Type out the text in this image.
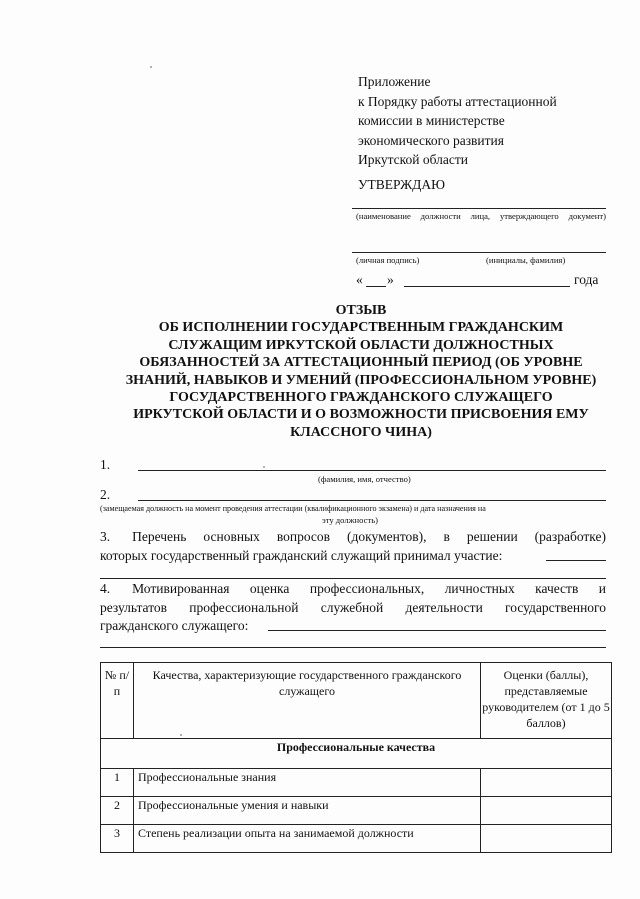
Приложение
к Порядку работы аттестационной
комиссии в министерстве
экономического развития
Иркутской области
УТВЕРЖДАЮ
(наименование должности лица, утверждающего документ)
(личная подпись)	(инициалы, фамилия)
« »	года
ОТЗЫВ
ОБ ИСПОЛНЕНИИ ГОСУДАРСТВЕННЫМ ГРАЖДАНСКИМ
СЛУЖАЩИМ ИРКУТСКОЙ ОБЛАСТИ ДОЛЖНОСТНЫХ
ОБЯЗАННОСТЕЙ ЗА АТТЕСТАЦИОННЫЙ ПЕРИОД (ОБ УРОВНЕ
ЗНАНИЙ, НАВЫКОВ И УМЕНИЙ (ПРОФЕССИОНАЛЬНОМ УРОВНЕ)
ГОСУДАРСТВЕННОГО ГРАЖДАНСКОГО СЛУЖАЩЕГО
ИРКУТСКОЙ ОБЛАСТИ И О ВОЗМОЖНОСТИ ПРИСВОЕНИЯ ЕМУ
КЛАССНОГО ЧИНА)
1.
(фамилия, имя, отчество)
2.
(замещаемая должность на момент проведения аттестации (квалификационного экзамена) и дата назначения на
эту должность)
3. Перечень основных вопросов (документов), в решении (разработке)
которых государственный гражданский служащий принимал участие:
4. Мотивированная оценка профессиональных, личностных качеств и
результатов профессиональной служебной деятельности государственного
гражданского служащего:
№ п/п	Качества, характеризующие государственного гражданского служащего	Оценки (баллы), представляемые руководителем (от 1 до 5 баллов)
Профессиональные качества		
1	Профессиональные знания	
2	Профессиональные умения и навыки	
3	Степень реализации опыта на занимаемой должности	
